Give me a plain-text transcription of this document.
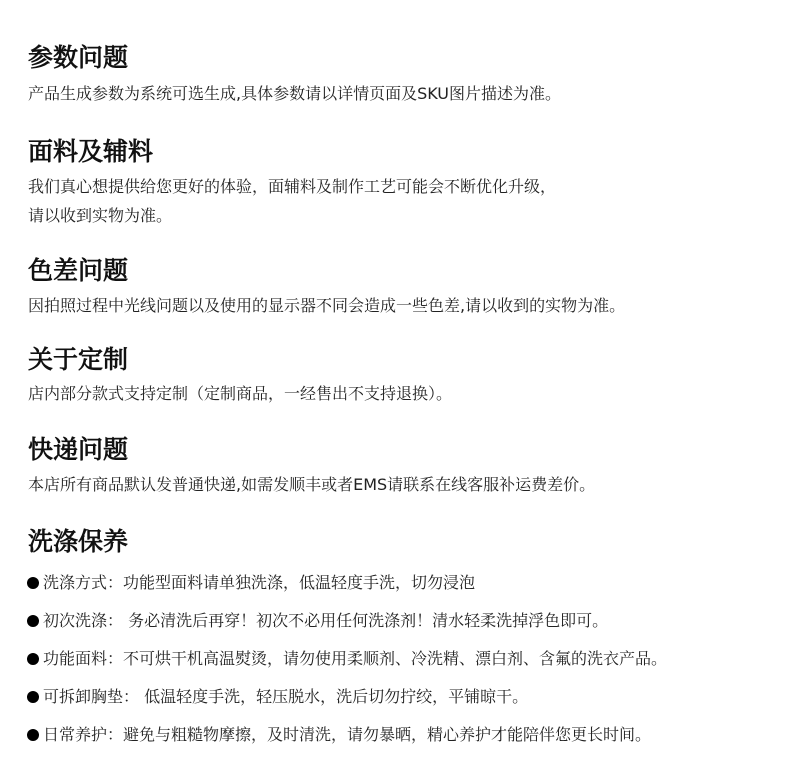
参数问题

产品生成参数为系统可选生成,具体参数请以详情页面及SKU图片描述为准。

面料及辅料

我们真心想提供给您更好的体验，面辅料及制作工艺可能会不断优化升级，

请以收到实物为准。

色差问题

因拍照过程中光线问题以及使用的显示器不同会造成一些色差,请以收到的实物为准。

关于定制

店内部分款式支持定制（定制商品，一经售出不支持退换）。

快递问题

本店所有商品默认发普通快递,如需发顺丰或者EMS请联系在线客服补运费差价。

洗涤保养
洗涤方式：功能型面料请单独洗涤，低温轻度手洗，切勿浸泡
初次洗涤： 务必清洗后再穿！初次不必用任何洗涤剂！清水轻柔洗掉浮色即可。
功能面料：不可烘干机高温熨烫，请勿使用柔顺剂、冷洗精、漂白剂、含氟的洗衣产品。
可拆卸胸垫： 低温轻度手洗，轻压脱水，洗后切勿拧绞，平铺晾干。
日常养护：避免与粗糙物摩擦，及时清洗，请勿暴晒，精心养护才能陪伴您更长时间。
